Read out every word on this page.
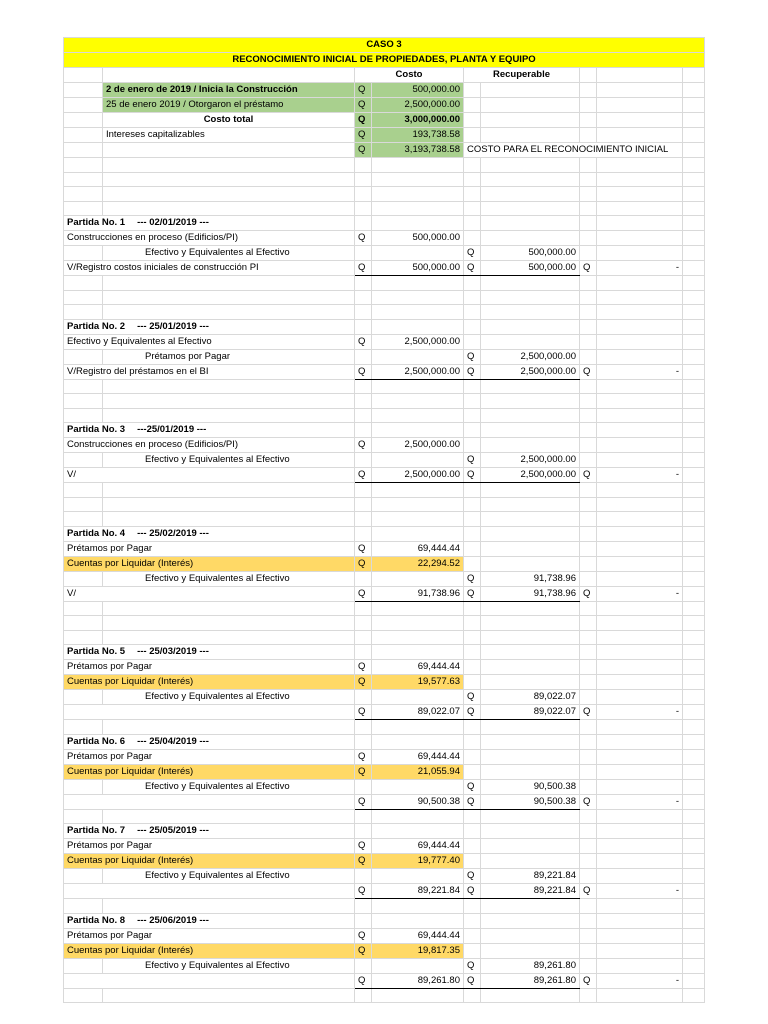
CASO 3								
RECONOCIMIENTO INICIAL DE PROPIEDADES, PLANTA Y EQUIPO								
		Costo		Recuperable				
	2 de enero de 2019 / Inicia la Construcción	Q	500,000.00					
	25 de enero 2019 / Otorgaron el préstamo	Q	2,500,000.00					
	Costo total	Q	3,000,000.00					
	Intereses capitalizables	Q	193,738.58					
		Q	3,193,738.58	COSTO PARA EL RECONOCIMIENTO INICIAL				

Partida No. 1 --- 02/01/2019 ---								
Construcciones en proceso (Edificios/PI)		Q	500,000.00					
	Efectivo y Equivalentes al Efectivo			Q	500,000.00			
V/Registro costos iniciales de construcción PI		Q	500,000.00	Q	500,000.00	Q	-	

Partida No. 2 --- 25/01/2019 ---								
Efectivo y Equivalentes al Efectivo		Q	2,500,000.00					
	Prétamos por Pagar			Q	2,500,000.00			
V/Registro del préstamos en el BI		Q	2,500,000.00	Q	2,500,000.00	Q	-	

Partida No. 3 ---25/01/2019 ---								
Construcciones en proceso (Edificios/PI)		Q	2,500,000.00					
	Efectivo y Equivalentes al Efectivo			Q	2,500,000.00			
V/		Q	2,500,000.00	Q	2,500,000.00	Q	-	

Partida No. 4 --- 25/02/2019 ---								
Prétamos por Pagar		Q	69,444.44					
Cuentas por Liquidar (Interés)		Q	22,294.52					
	Efectivo y Equivalentes al Efectivo			Q	91,738.96			
V/		Q	91,738.96	Q	91,738.96	Q	-	

Partida No. 5 --- 25/03/2019 ---								
Prétamos por Pagar		Q	69,444.44					
Cuentas por Liquidar (Interés)		Q	19,577.63					
	Efectivo y Equivalentes al Efectivo			Q	89,022.07			
		Q	89,022.07	Q	89,022.07	Q	-	

Partida No. 6 --- 25/04/2019 ---								
Prétamos por Pagar		Q	69,444.44					
Cuentas por Liquidar (Interés)		Q	21,055.94					
	Efectivo y Equivalentes al Efectivo			Q	90,500.38			
		Q	90,500.38	Q	90,500.38	Q	-	

Partida No. 7 --- 25/05/2019 ---								
Prétamos por Pagar		Q	69,444.44					
Cuentas por Liquidar (Interés)		Q	19,777.40					
	Efectivo y Equivalentes al Efectivo			Q	89,221.84			
		Q	89,221.84	Q	89,221.84	Q	-	

Partida No. 8 --- 25/06/2019 ---								
Prétamos por Pagar		Q	69,444.44					
Cuentas por Liquidar (Interés)		Q	19,817.35					
	Efectivo y Equivalentes al Efectivo			Q	89,261.80			
		Q	89,261.80	Q	89,261.80	Q	-	
